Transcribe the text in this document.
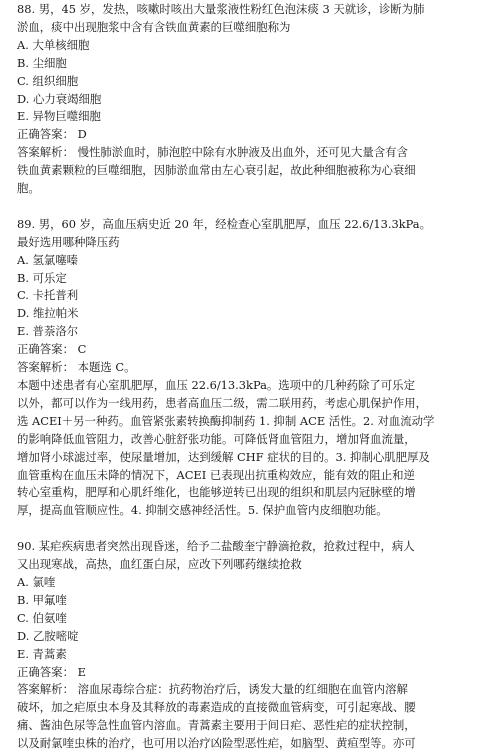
88. 男，45 岁，发热，咳嗽时咳出大量浆液性粉红色泡沫痰 3 天就诊，诊断为肺
淤血，痰中出现胞浆中含有含铁血黄素的巨噬细胞称为
A. 大单核细胞
B. 尘细胞
C. 组织细胞
D. 心力衰竭细胞
E. 异物巨噬细胞
正确答案： D
答案解析： 慢性肺淤血时，肺泡腔中除有水肿液及出血外，还可见大量含有含
铁血黄素颗粒的巨噬细胞，因肺淤血常由左心衰引起，故此种细胞被称为心衰细
胞。
89. 男，60 岁，高血压病史近 20 年，经检查心室肌肥厚，血压 22.6/13.3kPa。
最好选用哪种降压药
A. 氢氯噻嗪
B. 可乐定
C. 卡托普利
D. 维拉帕米
E. 普萘洛尔
正确答案： C
答案解析： 本题选 C。
本题中述患者有心室肌肥厚，血压 22.6/13.3kPa。选项中的几种药除了可乐定
以外，都可以作为一线用药，患者高血压二级，需二联用药，考虑心肌保护作用，
选 ACEI＋另一种药。血管紧张素转换酶抑制药 1. 抑制 ACE 活性。2. 对血流动学
的影响降低血管阻力，改善心脏舒张功能。可降低肾血管阻力，增加肾血流量，
增加肾小球滤过率，使尿量增加，达到缓解 CHF 症状的目的。3. 抑制心肌肥厚及
血管重构在血压未降的情况下，ACEI 已表现出抗重构效应，能有效的阻止和逆
转心室重构，肥厚和心肌纤维化，也能够逆转已出现的组织和肌层内冠脉壁的增
厚，提高血管顺应性。4. 抑制交感神经活性。5. 保护血管内皮细胞功能。
90. 某疟疾病患者突然出现昏迷，给予二盐酸奎宁静滴抢救，抢救过程中，病人
又出现寒战，高热，血红蛋白尿，应改下列哪药继续抢救
A. 氯喹
B. 甲氟喹
C. 伯氨喹
D. 乙胺嘧啶
E. 青蒿素
正确答案： E
答案解析： 溶血尿毒综合症：抗药物治疗后，诱发大量的红细胞在血管内溶解
破坏，加之疟原虫本身及其释放的毒素造成的直接微血管病变，可引起寒战、腰
痛、酱油色尿等急性血管内溶血。青蒿素主要用于间日疟、恶性疟的症状控制，
以及耐氯喹虫株的治疗，也可用以治疗凶险型恶性疟，如脑型、黄疸型等。亦可
